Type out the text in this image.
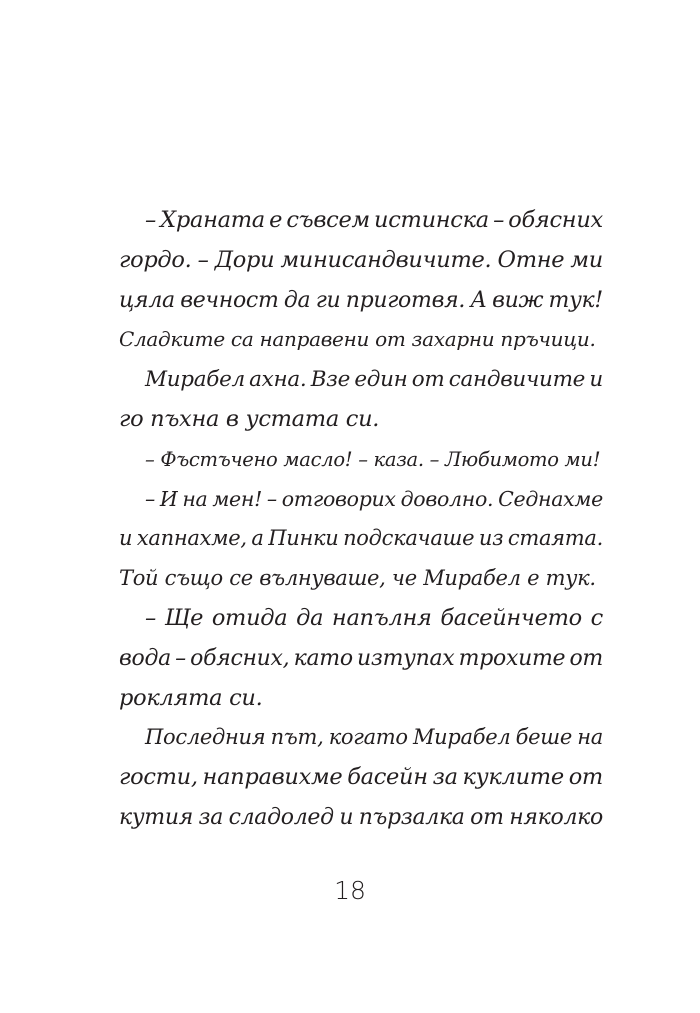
– Храната е съвсем истинска – обясних
гордо. – Дори минисандвичите. Отне ми
цяла вечност да ги приготвя. А виж тук!
Сладките са направени от захарни пръчици.
Мирабел ахна. Взе един от сандвичите и
го пъхна в устата си.
– Фъстъчено масло! – каза. – Любимото ми!
– И на мен! – отговорих доволно. Седнахме
и хапнахме, а Пинки подскачаше из стаята.
Той също се вълнуваше, че Мирабел е тук.
– Ще отида да напълня басейнчето с
вода – обясних, като изтупах трохите от
роклята си.
Последния път, когато Мирабел беше на
гости, направихме басейн за куклите от
кутия за сладолед и пързалка от няколко
18
